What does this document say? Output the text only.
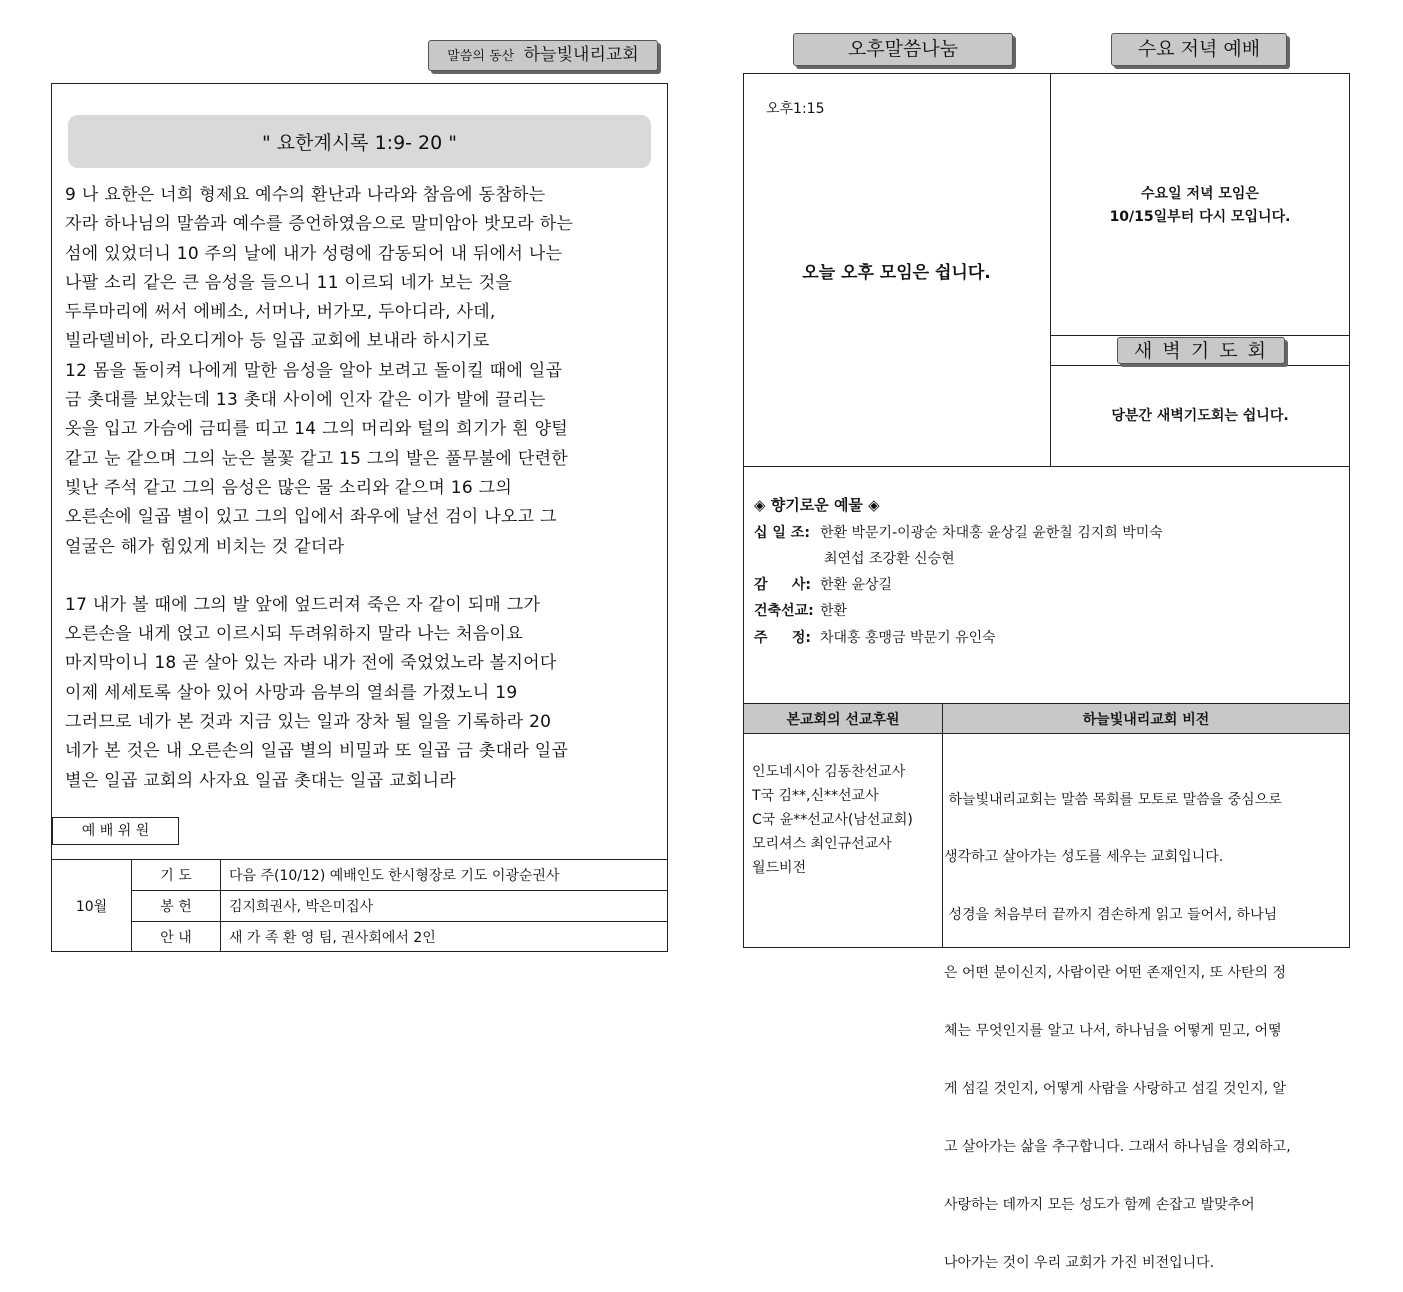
말씀의 동산 하늘빛내리교회
" 요한계시록 1:9- 20 "

9 나 요한은 너희 형제요 예수의 환난과 나라와 참음에 동참하는

자라 하나님의 말씀과 예수를 증언하였음으로 말미암아 밧모라 하는

섬에 있었더니 10 주의 날에 내가 성령에 감동되어 내 뒤에서 나는

나팔 소리 같은 큰 음성을 들으니 11 이르되 네가 보는 것을

두루마리에 써서 에베소, 서머나, 버가모, 두아디라, 사데,

빌라델비아, 라오디게아 등 일곱 교회에 보내라 하시기로

12 몸을 돌이켜 나에게 말한 음성을 알아 보려고 돌이킬 때에 일곱

금 촛대를 보았는데 13 촛대 사이에 인자 같은 이가 발에 끌리는

옷을 입고 가슴에 금띠를 띠고 14 그의 머리와 털의 희기가 흰 양털

같고 눈 같으며 그의 눈은 불꽃 같고 15 그의 발은 풀무불에 단련한

빛난 주석 같고 그의 음성은 많은 물 소리와 같으며 16 그의

오른손에 일곱 별이 있고 그의 입에서 좌우에 날선 검이 나오고 그

얼굴은 해가 힘있게 비치는 것 같더라

17 내가 볼 때에 그의 발 앞에 엎드러져 죽은 자 같이 되매 그가

오른손을 내게 얹고 이르시되 두려워하지 말라 나는 처음이요

마지막이니 18 곧 살아 있는 자라 내가 전에 죽었었노라 볼지어다

이제 세세토록 살아 있어 사망과 음부의 열쇠를 가졌노니 19

그러므로 네가 본 것과 지금 있는 일과 장차 될 일을 기록하라 20

네가 본 것은 내 오른손의 일곱 별의 비밀과 또 일곱 금 촛대라 일곱

별은 일곱 교회의 사자요 일곱 촛대는 일곱 교회니라

예 배 위 원
10월
기 도	다음 주(10/12) 예배인도 한시형장로 기도 이광순권사
봉 헌	김지희권사, 박은미집사
안 내	새 가 족 환 영 팀, 권사회에서 2인
오후말씀나눔	수요 저녁 예배
오후1:15
오늘 오후 모임은 쉽니다.
수요일 저녁 모임은
10/15일부터 다시 모입니다.
새 벽 기 도 회
당분간 새벽기도회는 쉽니다.
◈ 향기로운 예물 ◈
십 일 조: 한환 박문기-이광순 차대홍 윤상길 윤한칠 김지희 박미숙
최연섭 조강환 신승현
감     사: 한환 윤상길
건축선교: 한환
주     정: 차대홍 홍맹금 박문기 유인숙
본교회의 선교후원	하늘빛내리교회 비전
인도네시아 김동찬선교사
T국 김**,신**선교사
C국 윤**선교사(남선교회)
모리셔스 최인규선교사
월드비전

하늘빛내리교회는 말씀 목회를 모토로 말씀을 중심으로

생각하고 살아가는 성도를 세우는 교회입니다.

성경을 처음부터 끝까지 겸손하게 읽고 들어서, 하나님

은 어떤 분이신지, 사람이란 어떤 존재인지, 또 사탄의 정

체는 무엇인지를 알고 나서, 하나님을 어떻게 믿고, 어떻

게 섬길 것인지, 어떻게 사람을 사랑하고 섬길 것인지, 알

고 살아가는 삶을 추구합니다. 그래서 하나님을 경외하고,

사랑하는 데까지 모든 성도가 함께 손잡고 발맞추어

나아가는 것이 우리 교회가 가진 비전입니다.
